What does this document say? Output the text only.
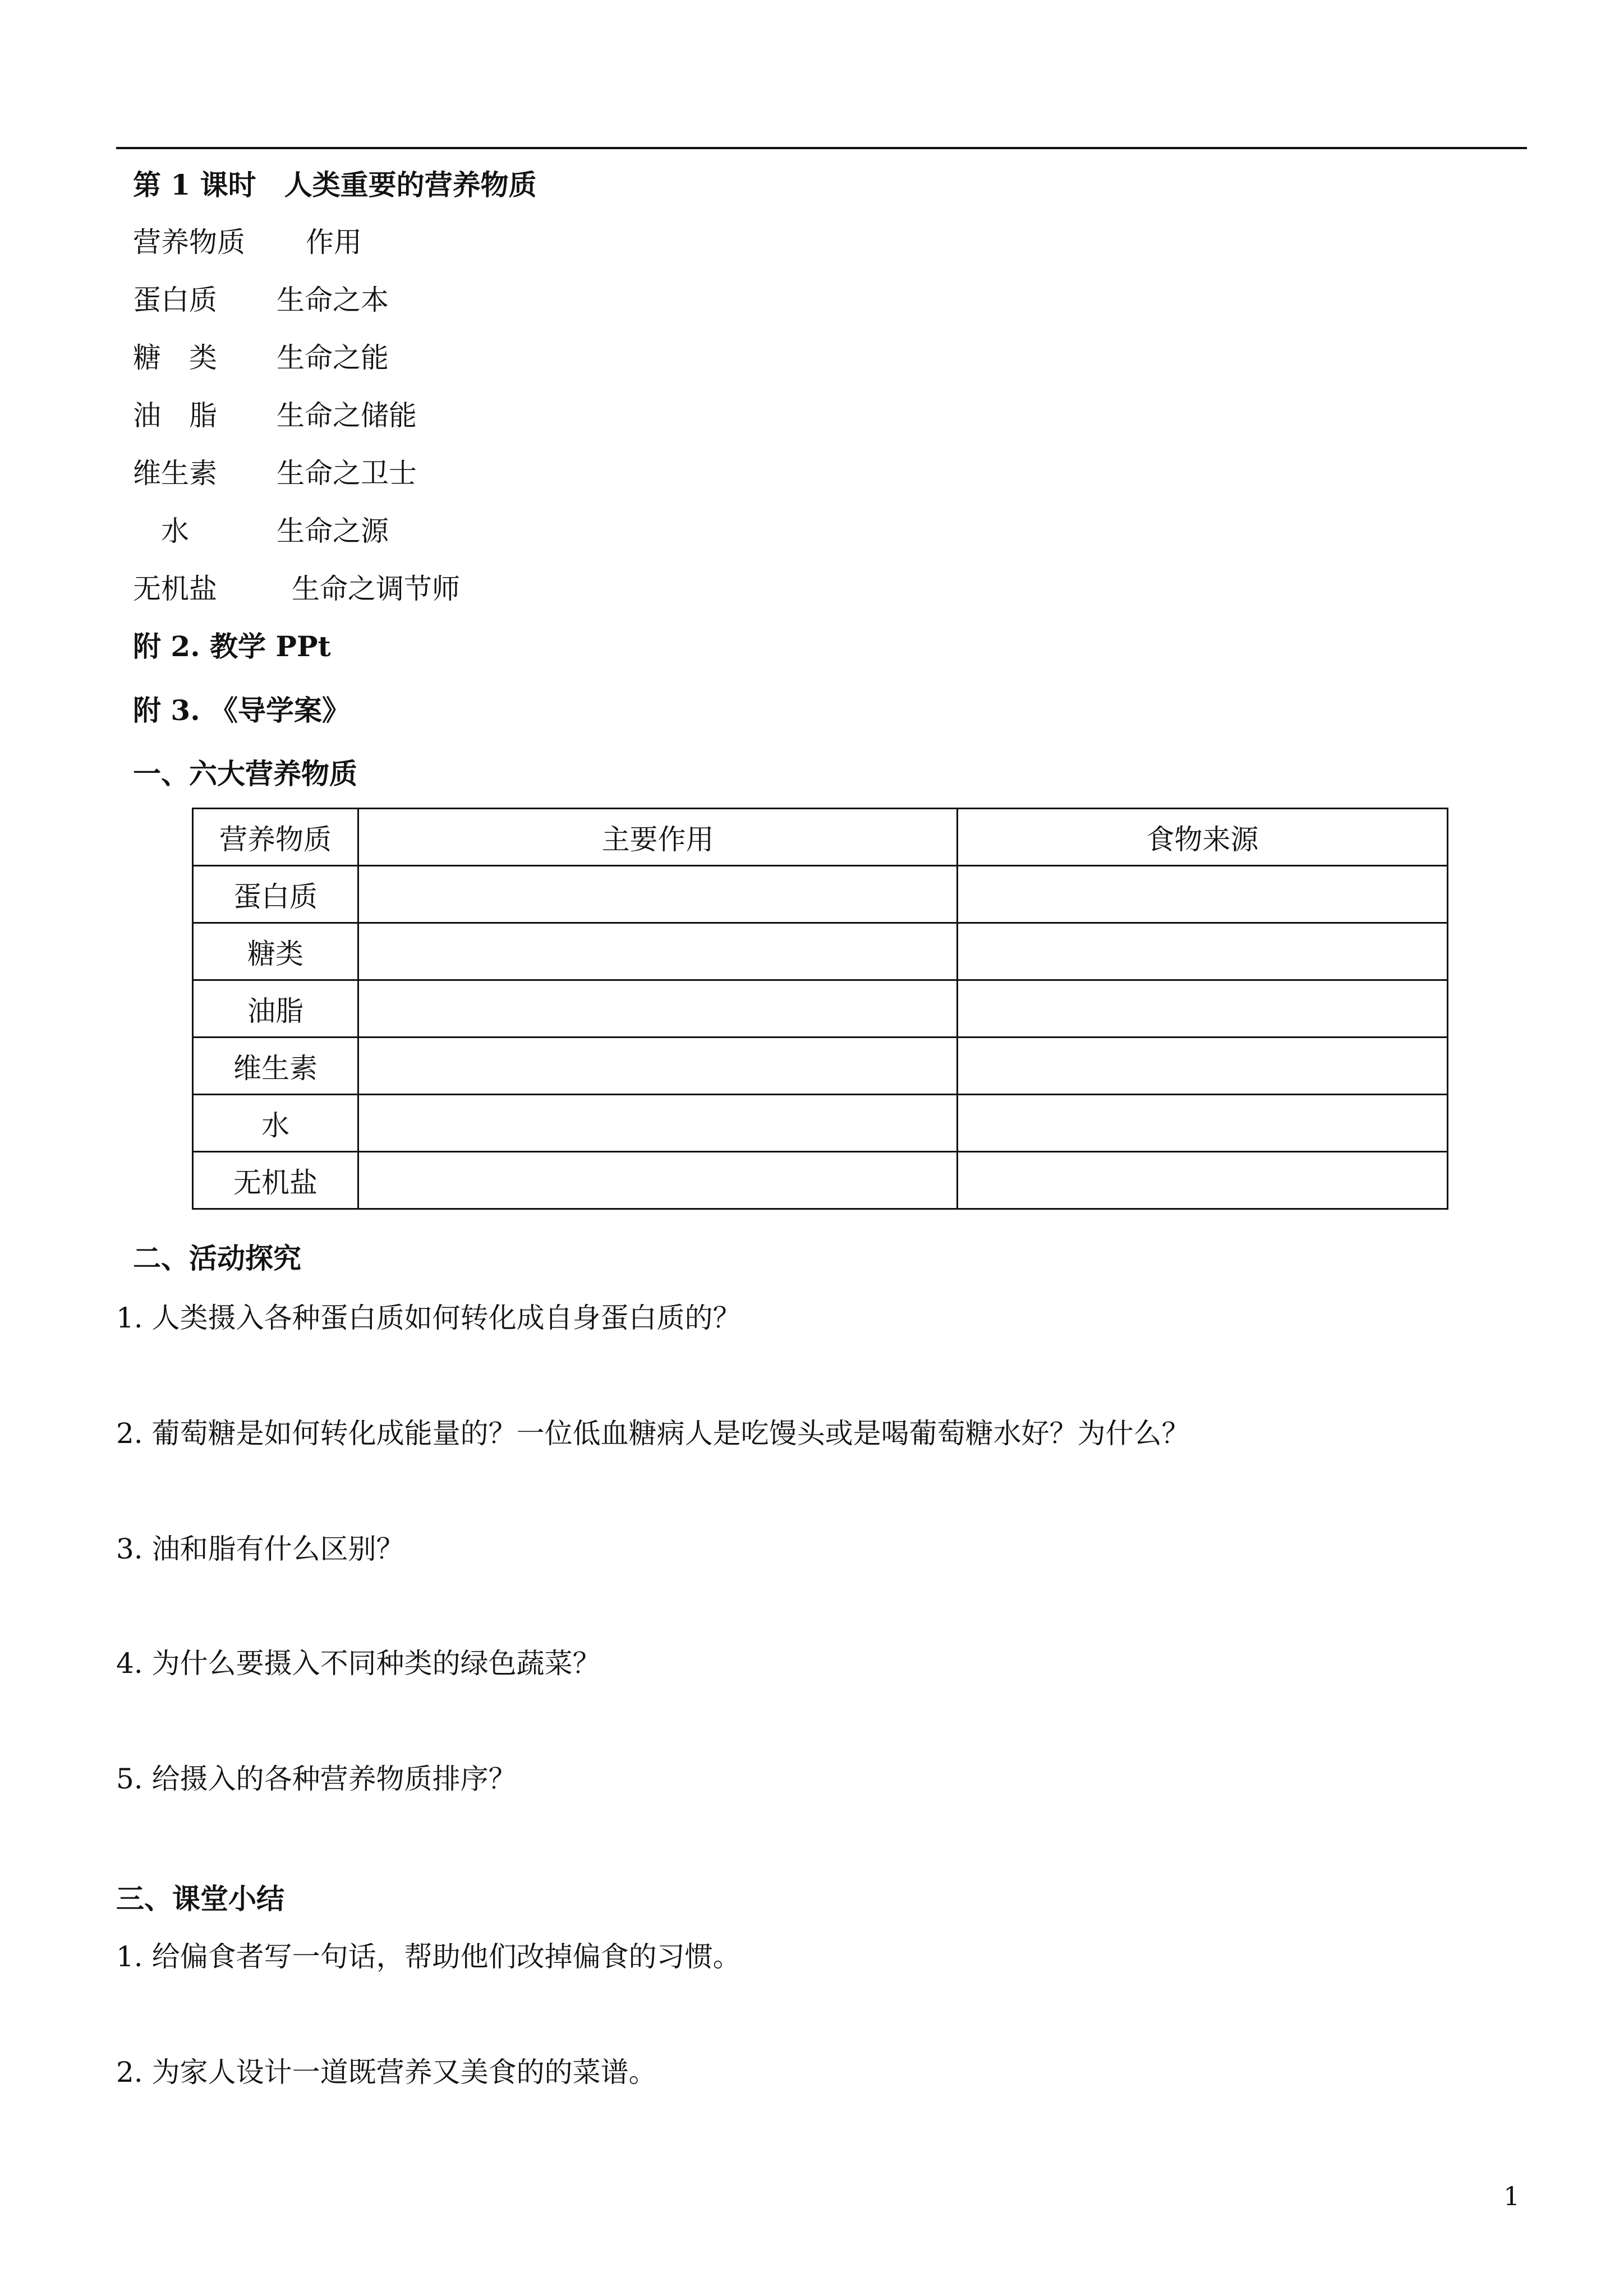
第 1 课时　人类重要的营养物质

营养物质 作用

蛋白质 生命之本

糖　类 生命之能

油　脂 生命之储能

维生素 生命之卫士

水	生命之源

无机盐	生命之调节师

附 2. 教学 PPt

附 3. 《导学案》

一、六大营养物质

营养物质	主要作用	食物来源
蛋白质		
糖类		
油脂		
维生素		
水		
无机盐		

二、活动探究

1. 人类摄入各种蛋白质如何转化成自身蛋白质的？

2. 葡萄糖是如何转化成能量的？一位低血糖病人是吃馒头或是喝葡萄糖水好？为什么？

3. 油和脂有什么区别？

4. 为什么要摄入不同种类的绿色蔬菜？

5. 给摄入的各种营养物质排序？

三、课堂小结

1. 给偏食者写一句话，帮助他们改掉偏食的习惯。

2. 为家人设计一道既营养又美食的的菜谱。

1
